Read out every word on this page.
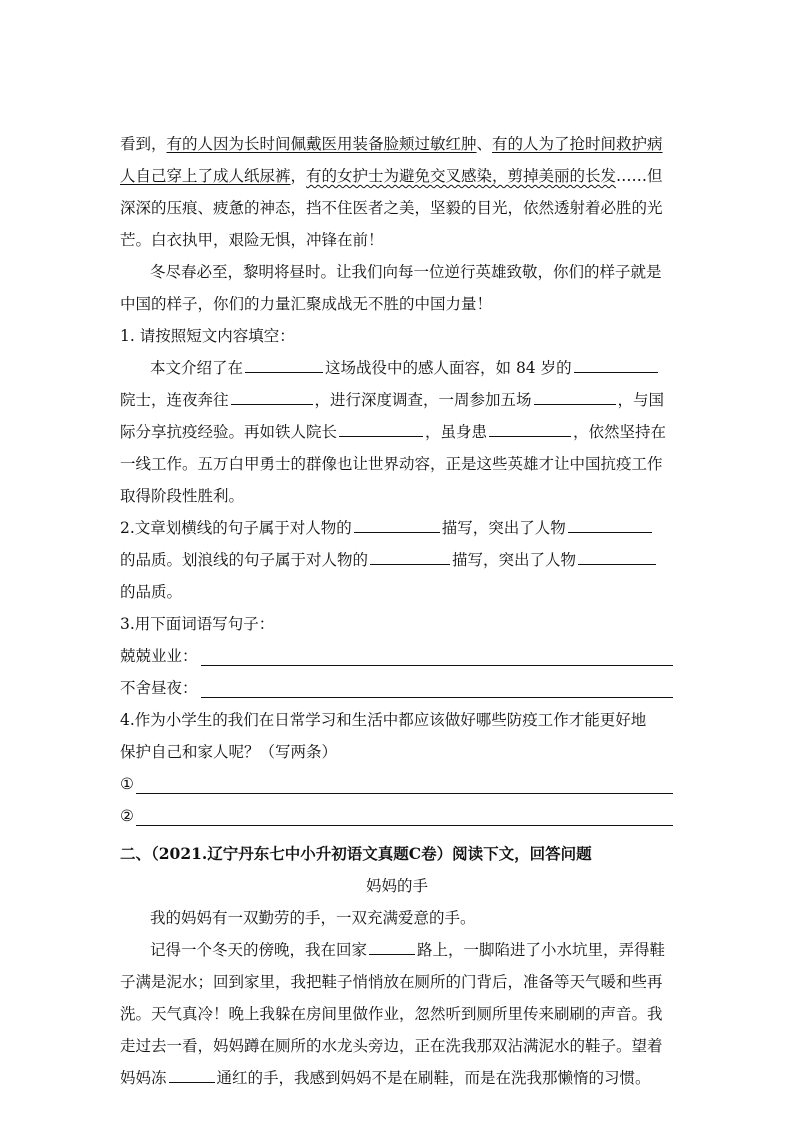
看到，有的人因为长时间佩戴医用装备脸颊过敏红肿、有的人为了抢时间救护病
人自己穿上了成人纸尿裤，有的女护士为避免交叉感染，剪掉美丽的长发……但
深深的压痕、疲惫的神态，挡不住医者之美，坚毅的目光，依然透射着必胜的光
芒。白衣执甲，艰险无惧，冲锋在前！
冬尽春必至，黎明将昼时。让我们向每一位逆行英雄致敬，你们的样子就是
中国的样子，你们的力量汇聚成战无不胜的中国力量！
1. 请按照短文内容填空：
本文介绍了在	这场战役中的感人面容，如 84 岁的
院士，连夜奔往	，进行深度调查，一周参加五场	，与国
际分享抗疫经验。再如铁人院长	，虽身患	，依然坚持在
一线工作。五万白甲勇士的群像也让世界动容，正是这些英雄才让中国抗疫工作
取得阶段性胜利。
2.文章划横线的句子属于对人物的	描写，突出了人物
的品质。划浪线的句子属于对人物的	描写，突出了人物
的品质。
3.用下面词语写句子：
兢兢业业：
不舍昼夜：
4.作为小学生的我们在日常学习和生活中都应该做好哪些防疫工作才能更好地
保护自己和家人呢？（写两条）
①
②
二、（2021.辽宁丹东七中小升初语文真题C卷）阅读下文，回答问题
妈妈的手
我的妈妈有一双勤劳的手，一双充满爱意的手。
记得一个冬天的傍晚，我在回家	路上，一脚陷进了小水坑里，弄得鞋
子满是泥水；回到家里，我把鞋子悄悄放在厕所的门背后，准备等天气暖和些再
洗。天气真冷！晚上我躲在房间里做作业，忽然听到厕所里传来刷刷的声音。我
走过去一看，妈妈蹲在厕所的水龙头旁边，正在洗我那双沾满泥水的鞋子。望着
妈妈冻	通红的手，我感到妈妈不是在刷鞋，而是在洗我那懒惰的习惯。
